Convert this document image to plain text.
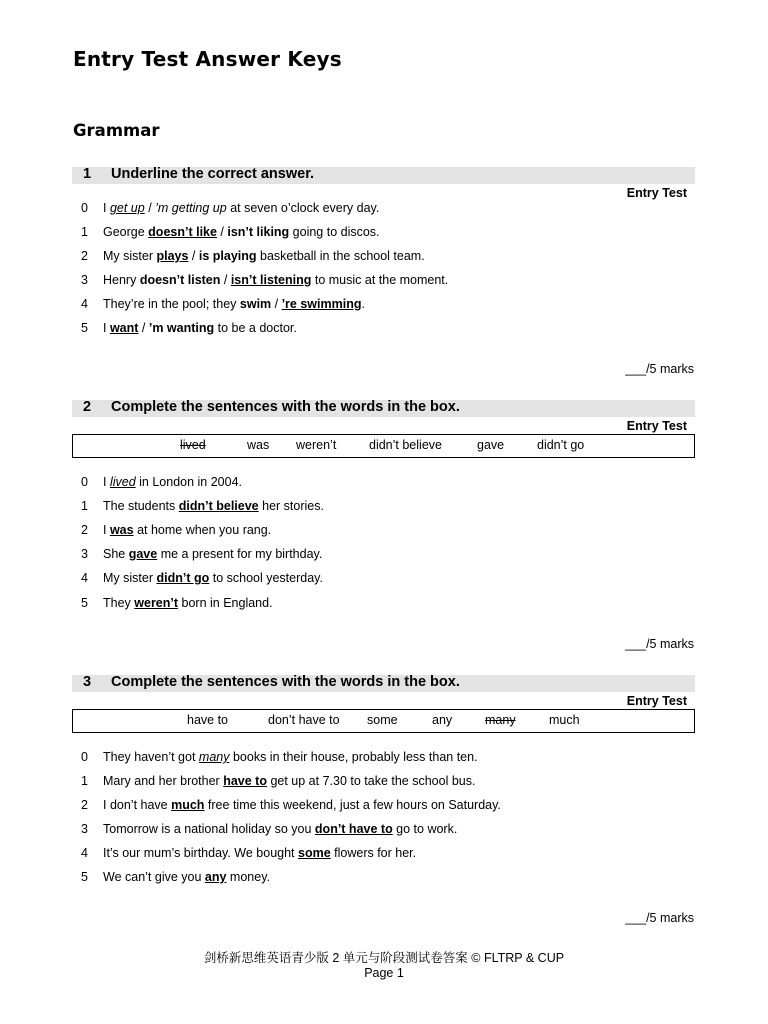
Entry Test Answer Keys
Grammar
1 Underline the correct answer.
Entry Test
0 I get up / ’m getting up at seven o’clock every day.
1 George doesn’t like / isn’t liking going to discos.
2 My sister plays / is playing basketball in the school team.
3 Henry doesn’t listen / isn’t listening to music at the moment.
4 They’re in the pool; they swim / ’re swimming.
5 I want / ’m wanting to be a doctor.
___/5 marks
2 Complete the sentences with the words in the box.
Entry Test
lived	was weren’t	didn’t believe	gave	didn’t go
0 I lived in London in 2004.
1 The students didn’t believe her stories.
2 I was at home when you rang.
3 She gave me a present for my birthday.
4 My sister didn’t go to school yesterday.
5 They weren’t born in England.
___/5 marks
3 Complete the sentences with the words in the box.
Entry Test
have to	don’t have to some	any	many	much
0 They haven’t got many books in their house, probably less than ten.
1 Mary and her brother have to get up at 7.30 to take the school bus.
2 I don’t have much free time this weekend, just a few hours on Saturday.
3 Tomorrow is a national holiday so you don’t have to go to work.
4 It’s our mum’s birthday. We bought some flowers for her.
5 We can’t give you any money.
___/5 marks
剑桥新思维英语青少版 2 单元与阶段测试卷答案 © FLTRP & CUP
Page 1
